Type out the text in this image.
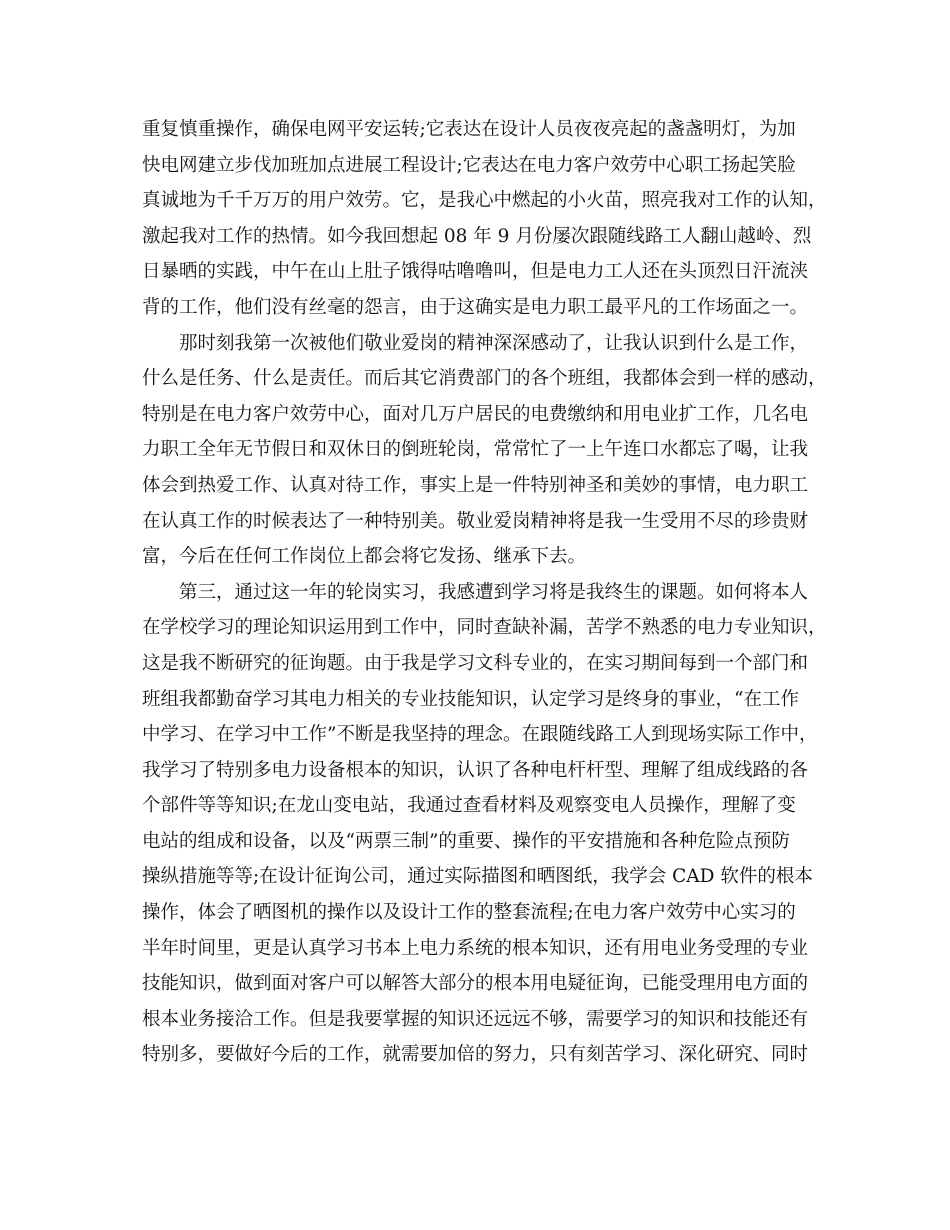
重复慎重操作，确保电网平安运转;它表达在设计人员夜夜亮起的盏盏明灯，为加
快电网建立步伐加班加点进展工程设计;它表达在电力客户效劳中心职工扬起笑脸
真诚地为千千万万的用户效劳。它，是我心中燃起的小火苗，照亮我对工作的认知，
激起我对工作的热情。如今我回想起 08 年 9 月份屡次跟随线路工人翻山越岭、烈
日暴晒的实践，中午在山上肚子饿得咕噜噜叫，但是电力工人还在头顶烈日汗流浃
背的工作，他们没有丝毫的怨言，由于这确实是电力职工最平凡的工作场面之一。
那时刻我第一次被他们敬业爱岗的精神深深感动了，让我认识到什么是工作，
什么是任务、什么是责任。而后其它消费部门的各个班组，我都体会到一样的感动，
特别是在电力客户效劳中心，面对几万户居民的电费缴纳和用电业扩工作，几名电
力职工全年无节假日和双休日的倒班轮岗，常常忙了一上午连口水都忘了喝，让我
体会到热爱工作、认真对待工作，事实上是一件特别神圣和美妙的事情，电力职工
在认真工作的时候表达了一种特别美。敬业爱岗精神将是我一生受用不尽的珍贵财
富，今后在任何工作岗位上都会将它发扬、继承下去。
第三，通过这一年的轮岗实习，我感遭到学习将是我终生的课题。如何将本人
在学校学习的理论知识运用到工作中，同时查缺补漏，苦学不熟悉的电力专业知识，
这是我不断研究的征询题。由于我是学习文科专业的，在实习期间每到一个部门和
班组我都勤奋学习其电力相关的专业技能知识，认定学习是终身的事业，“在工作
中学习、在学习中工作”不断是我坚持的理念。在跟随线路工人到现场实际工作中，
我学习了特别多电力设备根本的知识，认识了各种电杆杆型、理解了组成线路的各
个部件等等知识;在龙山变电站，我通过查看材料及观察变电人员操作，理解了变
电站的组成和设备，以及“两票三制”的重要、操作的平安措施和各种危险点预防
操纵措施等等;在设计征询公司，通过实际描图和晒图纸，我学会 CAD 软件的根本
操作，体会了晒图机的操作以及设计工作的整套流程;在电力客户效劳中心实习的
半年时间里，更是认真学习书本上电力系统的根本知识，还有用电业务受理的专业
技能知识，做到面对客户可以解答大部分的根本用电疑征询，已能受理用电方面的
根本业务接洽工作。但是我要掌握的知识还远远不够，需要学习的知识和技能还有
特别多，要做好今后的工作，就需要加倍的努力，只有刻苦学习、深化研究、同时
